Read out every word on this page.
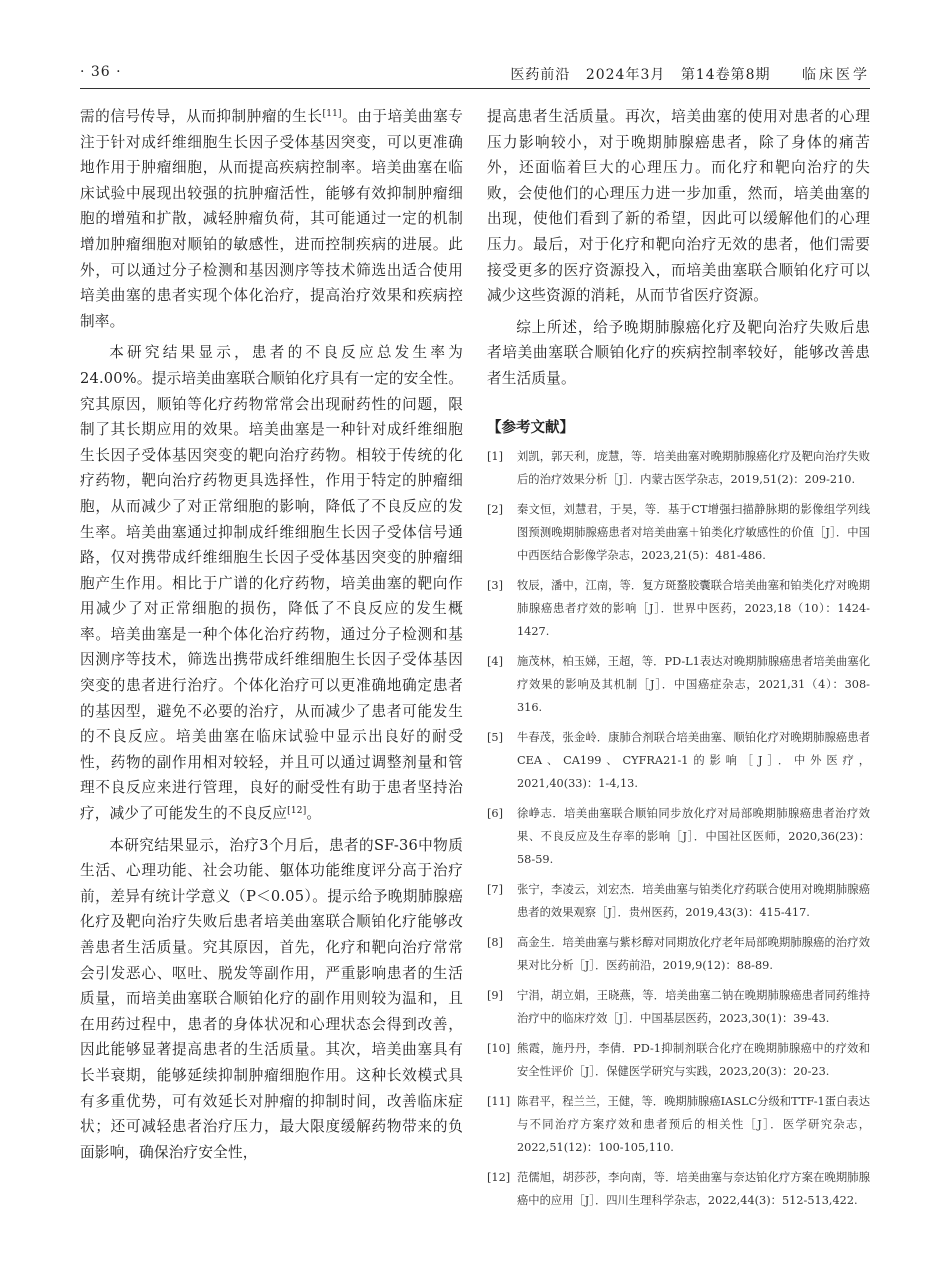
· 36 ·	医药前沿 2024年3月 第14卷第8期 临床医学

需的信号传导，从而抑制肿瘤的生长[11]。由于培美曲塞专注于针对成纤维细胞生长因子受体基因突变，可以更准确地作用于肿瘤细胞，从而提高疾病控制率。培美曲塞在临床试验中展现出较强的抗肿瘤活性，能够有效抑制肿瘤细胞的增殖和扩散，减轻肿瘤负荷，其可能通过一定的机制增加肿瘤细胞对顺铂的敏感性，进而控制疾病的进展。此外，可以通过分子检测和基因测序等技术筛选出适合使用培美曲塞的患者实现个体化治疗，提高治疗效果和疾病控制率。

本研究结果显示，患者的不良反应总发生率为24.00%。提示培美曲塞联合顺铂化疗具有一定的安全性。究其原因，顺铂等化疗药物常常会出现耐药性的问题，限制了其长期应用的效果。培美曲塞是一种针对成纤维细胞生长因子受体基因突变的靶向治疗药物。相较于传统的化疗药物，靶向治疗药物更具选择性，作用于特定的肿瘤细胞，从而减少了对正常细胞的影响，降低了不良反应的发生率。培美曲塞通过抑制成纤维细胞生长因子受体信号通路，仅对携带成纤维细胞生长因子受体基因突变的肿瘤细胞产生作用。相比于广谱的化疗药物，培美曲塞的靶向作用减少了对正常细胞的损伤，降低了不良反应的发生概率。培美曲塞是一种个体化治疗药物，通过分子检测和基因测序等技术，筛选出携带成纤维细胞生长因子受体基因突变的患者进行治疗。个体化治疗可以更准确地确定患者的基因型，避免不必要的治疗，从而减少了患者可能发生的不良反应。培美曲塞在临床试验中显示出良好的耐受性，药物的副作用相对较轻，并且可以通过调整剂量和管理不良反应来进行管理，良好的耐受性有助于患者坚持治疗，减少了可能发生的不良反应[12]。

本研究结果显示，治疗3个月后，患者的SF-36中物质生活、心理功能、社会功能、躯体功能维度评分高于治疗前，差异有统计学意义（P＜0.05）。提示给予晚期肺腺癌化疗及靶向治疗失败后患者培美曲塞联合顺铂化疗能够改善患者生活质量。究其原因，首先，化疗和靶向治疗常常会引发恶心、呕吐、脱发等副作用，严重影响患者的生活质量，而培美曲塞联合顺铂化疗的副作用则较为温和，且在用药过程中，患者的身体状况和心理状态会得到改善，因此能够显著提高患者的生活质量。其次，培美曲塞具有长半衰期，能够延续抑制肿瘤细胞作用。这种长效模式具有多重优势，可有效延长对肿瘤的抑制时间，改善临床症状；还可减轻患者治疗压力，最大限度缓解药物带来的负面影响，确保治疗安全性，

提高患者生活质量。再次，培美曲塞的使用对患者的心理压力影响较小，对于晚期肺腺癌患者，除了身体的痛苦外，还面临着巨大的心理压力。而化疗和靶向治疗的失败，会使他们的心理压力进一步加重，然而，培美曲塞的出现，使他们看到了新的希望，因此可以缓解他们的心理压力。最后，对于化疗和靶向治疗无效的患者，他们需要接受更多的医疗资源投入，而培美曲塞联合顺铂化疗可以减少这些资源的消耗，从而节省医疗资源。

综上所述，给予晚期肺腺癌化疗及靶向治疗失败后患者培美曲塞联合顺铂化疗的疾病控制率较好，能够改善患者生活质量。

【参考文献】
[1] 刘凯，郭天利，庞慧，等．培美曲塞对晚期肺腺癌化疗及靶向治疗失败后的治疗效果分析［J］．内蒙古医学杂志，2019,51(2)：209-210.
[2] 秦文恒，刘慧君，于昊，等．基于CT增强扫描静脉期的影像组学列线图预测晚期肺腺癌患者对培美曲塞＋铂类化疗敏感性的价值［J］．中国中西医结合影像学杂志，2023,21(5)：481-486.
[3] 牧辰，潘中，江南，等．复方斑蝥胶囊联合培美曲塞和铂类化疗对晚期肺腺癌患者疗效的影响［J］．世界中医药，2023,18（10）：1424-1427.
[4] 施茂林，柏玉娣，王超，等．PD-L1表达对晚期肺腺癌患者培美曲塞化疗效果的影响及其机制［J］．中国癌症杂志，2021,31（4）：308-316.
[5] 牛春茂，张金岭．康肺合剂联合培美曲塞、顺铂化疗对晚期肺腺癌患者CEA、CA199、CYFRA21-1的影响［J］．中外医疗，2021,40(33)：1-4,13.
[6] 徐峥志．培美曲塞联合顺铂同步放化疗对局部晚期肺腺癌患者治疗效果、不良反应及生存率的影响［J］．中国社区医师，2020,36(23)：58-59.
[7] 张宁，李凌云，刘宏杰．培美曲塞与铂类化疗药联合使用对晚期肺腺癌患者的效果观察［J］．贵州医药，2019,43(3)：415-417.
[8] 高金生．培美曲塞与紫杉醇对同期放化疗老年局部晚期肺腺癌的治疗效果对比分析［J］．医药前沿，2019,9(12)：88-89.
[9] 宁涓，胡立娟，王晓燕，等．培美曲塞二钠在晚期肺腺癌患者同药维持治疗中的临床疗效［J］．中国基层医药，2023,30(1)：39-43.
[10] 熊霞，施丹丹，李倩．PD-1抑制剂联合化疗在晚期肺腺癌中的疗效和安全性评价［J］．保健医学研究与实践，2023,20(3)：20-23.
[11] 陈君平，程兰兰，王健，等．晚期肺腺癌IASLC分级和TTF-1蛋白表达与不同治疗方案疗效和患者预后的相关性［J］．医学研究杂志，2022,51(12)：100-105,110.
[12] 范儒旭，胡莎莎，李向南，等．培美曲塞与奈达铂化疗方案在晚期肺腺癌中的应用［J］．四川生理科学杂志，2022,44(3)：512-513,422.
